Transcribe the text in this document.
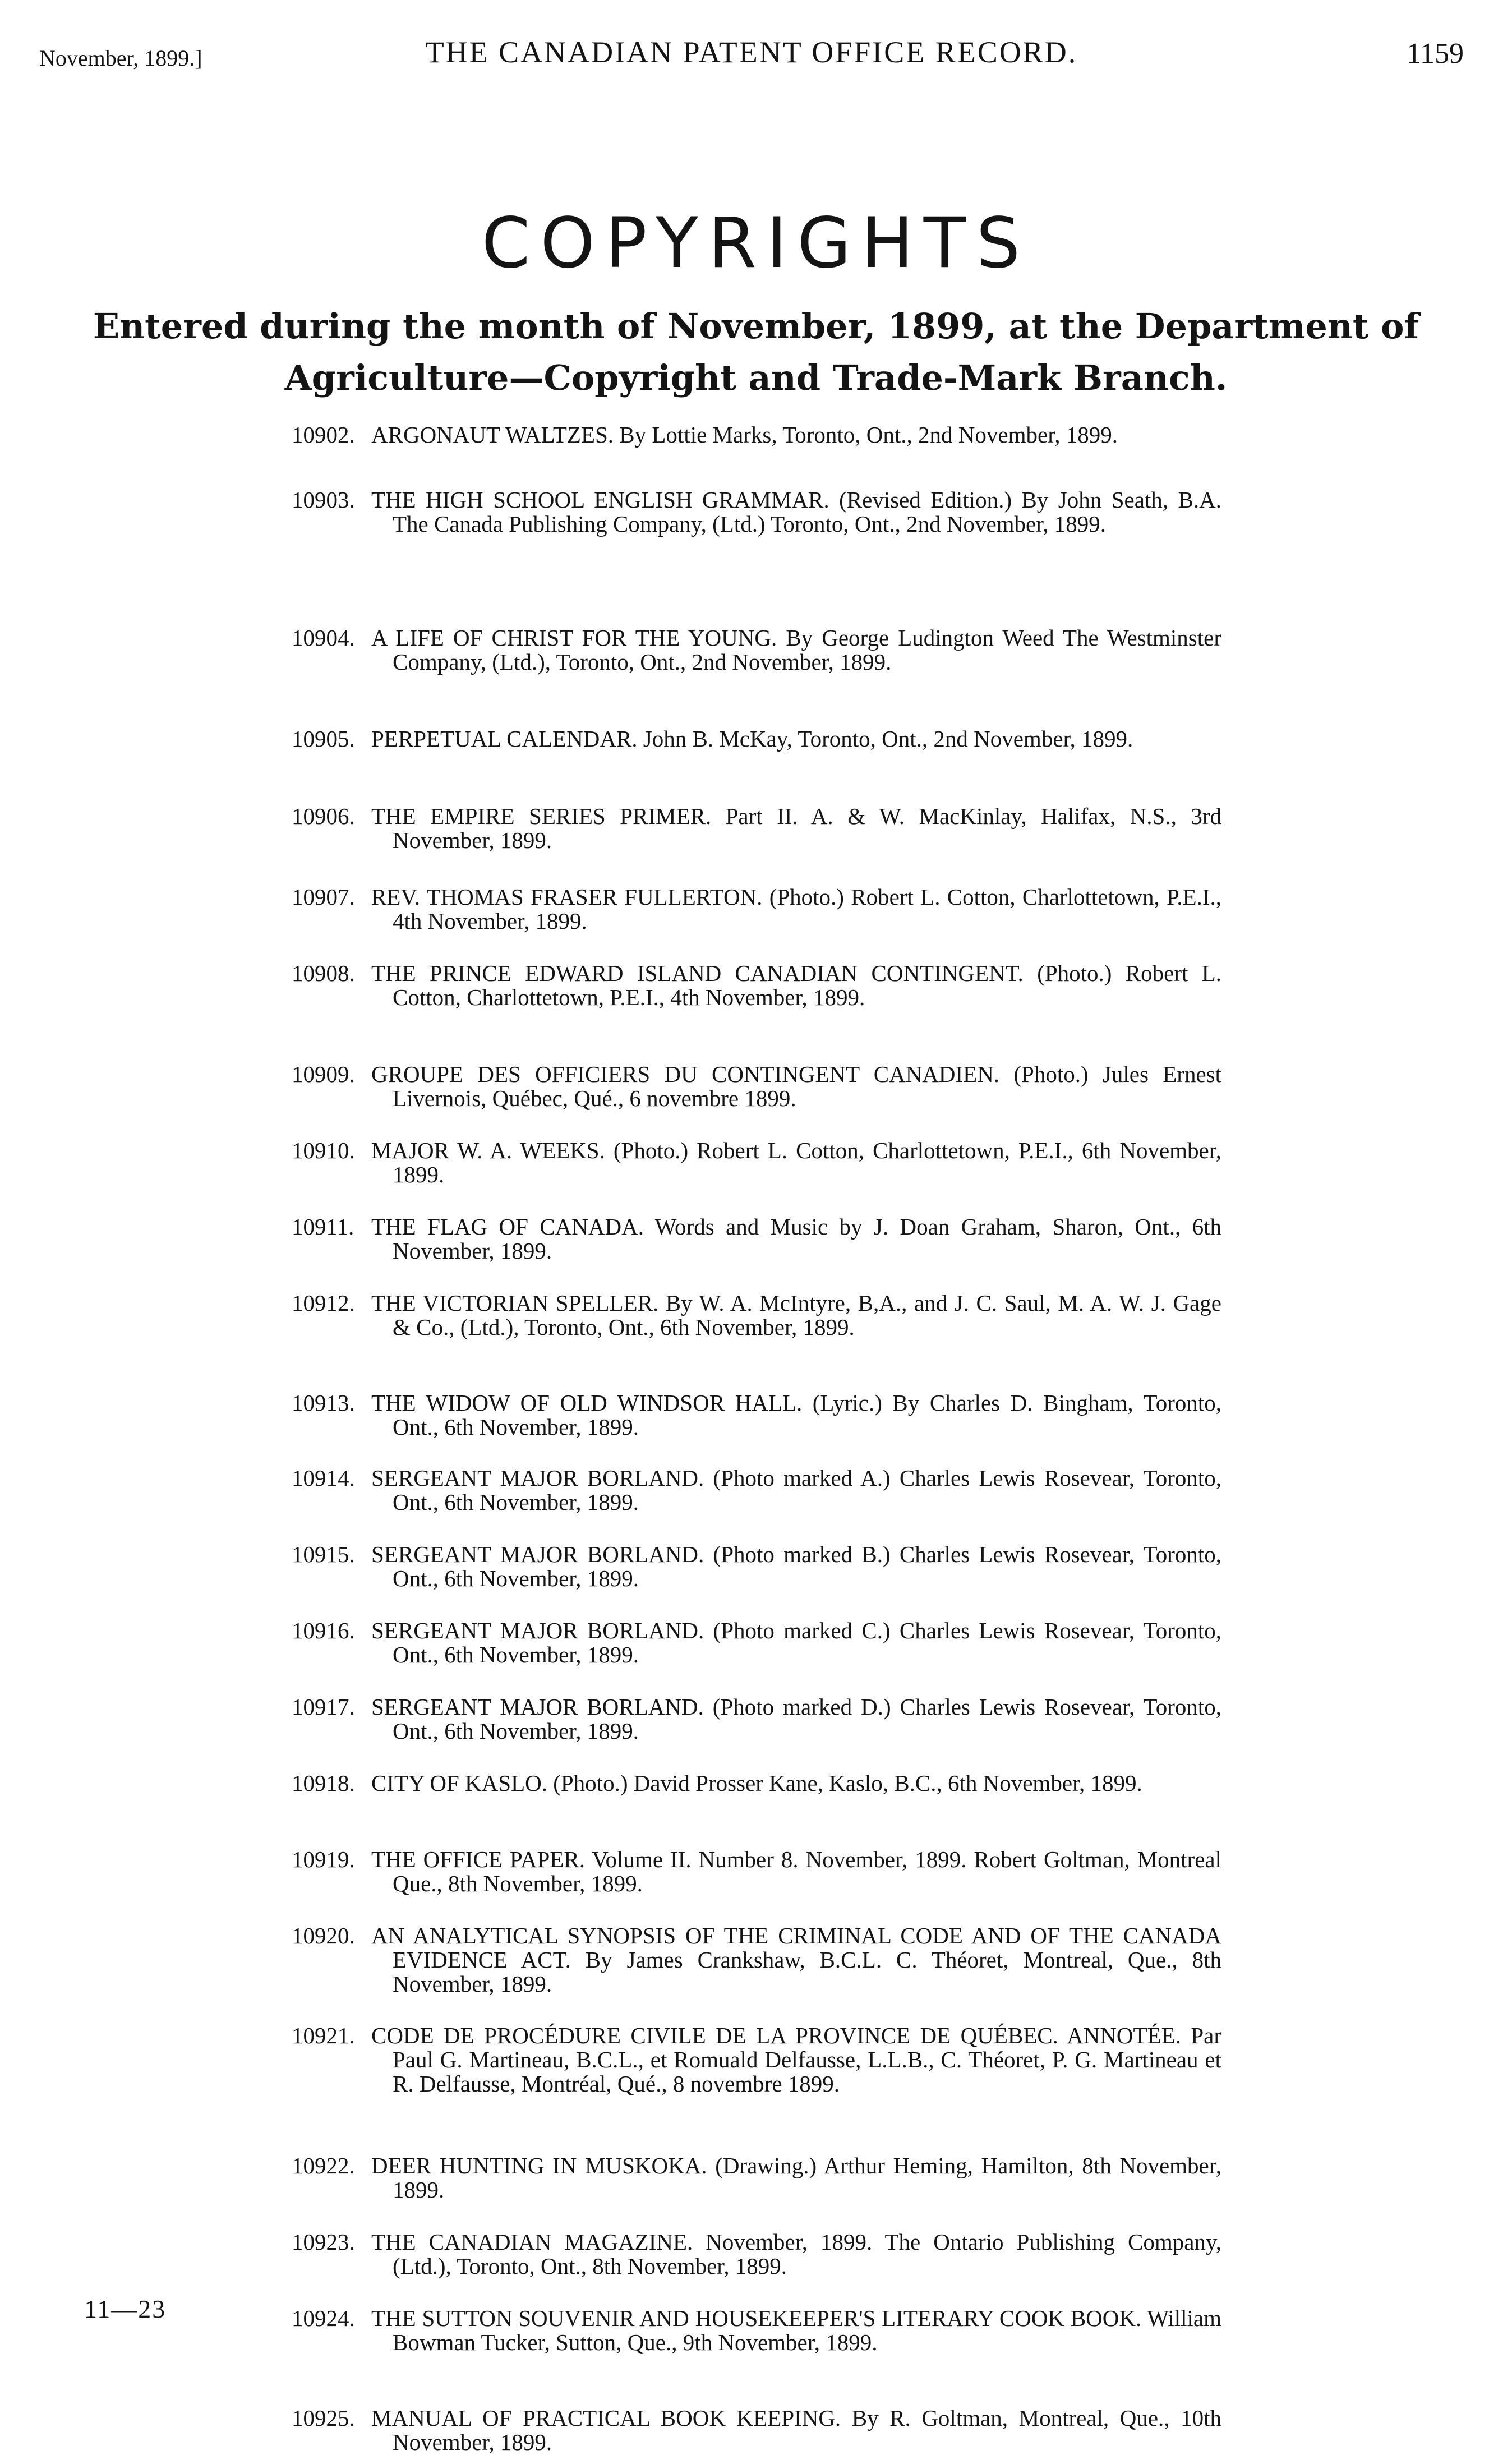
November, 1899.]	THE CANADIAN PATENT OFFICE RECORD.	1159
COPYRIGHTS
Entered during the month of November, 1899, at the Department of Agriculture—Copyright and Trade-Mark Branch.
10902. ARGONAUT WALTZES. By Lottie Marks, Toronto, Ont., 2nd November, 1899.

10903. THE HIGH SCHOOL ENGLISH GRAMMAR. (Revised Edition.) By John Seath, B.A. The Canada Publishing Company, (Ltd.) Toronto, Ont., 2nd November, 1899.

10904. A LIFE OF CHRIST FOR THE YOUNG. By George Ludington Weed The Westminster Company, (Ltd.), Toronto, Ont., 2nd November, 1899.

10905. PERPETUAL CALENDAR. John B. McKay, Toronto, Ont., 2nd November, 1899.

10906. THE EMPIRE SERIES PRIMER. Part II. A. & W. MacKinlay, Halifax, N.S., 3rd November, 1899.

10907. REV. THOMAS FRASER FULLERTON. (Photo.) Robert L. Cotton, Charlottetown, P.E.I., 4th November, 1899.

10908. THE PRINCE EDWARD ISLAND CANADIAN CONTINGENT. (Photo.) Robert L. Cotton, Charlottetown, P.E.I., 4th November, 1899.

10909. GROUPE DES OFFICIERS DU CONTINGENT CANADIEN. (Photo.) Jules Ernest Livernois, Québec, Qué., 6 novembre 1899.

10910. MAJOR W. A. WEEKS. (Photo.) Robert L. Cotton, Charlottetown, P.E.I., 6th November, 1899.

10911. THE FLAG OF CANADA. Words and Music by J. Doan Graham, Sharon, Ont., 6th November, 1899.

10912. THE VICTORIAN SPELLER. By W. A. McIntyre, B,A., and J. C. Saul, M. A. W. J. Gage & Co., (Ltd.), Toronto, Ont., 6th November, 1899.

10913. THE WIDOW OF OLD WINDSOR HALL. (Lyric.) By Charles D. Bingham, Toronto, Ont., 6th November, 1899.

10914. SERGEANT MAJOR BORLAND. (Photo marked A.) Charles Lewis Rosevear, Toronto, Ont., 6th November, 1899.

10915. SERGEANT MAJOR BORLAND. (Photo marked B.) Charles Lewis Rosevear, Toronto, Ont., 6th November, 1899.

10916. SERGEANT MAJOR BORLAND. (Photo marked C.) Charles Lewis Rosevear, Toronto, Ont., 6th November, 1899.

10917. SERGEANT MAJOR BORLAND. (Photo marked D.) Charles Lewis Rosevear, Toronto, Ont., 6th November, 1899.

10918. CITY OF KASLO. (Photo.) David Prosser Kane, Kaslo, B.C., 6th November, 1899.

10919. THE OFFICE PAPER. Volume II. Number 8. November, 1899. Robert Goltman, Montreal Que., 8th November, 1899.

10920. AN ANALYTICAL SYNOPSIS OF THE CRIMINAL CODE AND OF THE CANADA EVIDENCE ACT. By James Crankshaw, B.C.L. C. Théoret, Montreal, Que., 8th November, 1899.

10921. CODE DE PROCÉDURE CIVILE DE LA PROVINCE DE QUÉBEC. ANNOTÉE. Par Paul G. Martineau, B.C.L., et Romuald Delfausse, L.L.B., C. Théoret, P. G. Martineau et R. Delfausse, Montréal, Qué., 8 novembre 1899.

10922. DEER HUNTING IN MUSKOKA. (Drawing.) Arthur Heming, Hamilton, 8th November, 1899.

10923. THE CANADIAN MAGAZINE. November, 1899. The Ontario Publishing Company, (Ltd.), Toronto, Ont., 8th November, 1899.

10924. THE SUTTON SOUVENIR AND HOUSEKEEPER'S LITERARY COOK BOOK. William Bowman Tucker, Sutton, Que., 9th November, 1899.

10925. MANUAL OF PRACTICAL BOOK KEEPING. By R. Goltman, Montreal, Que., 10th November, 1899.

11—23
